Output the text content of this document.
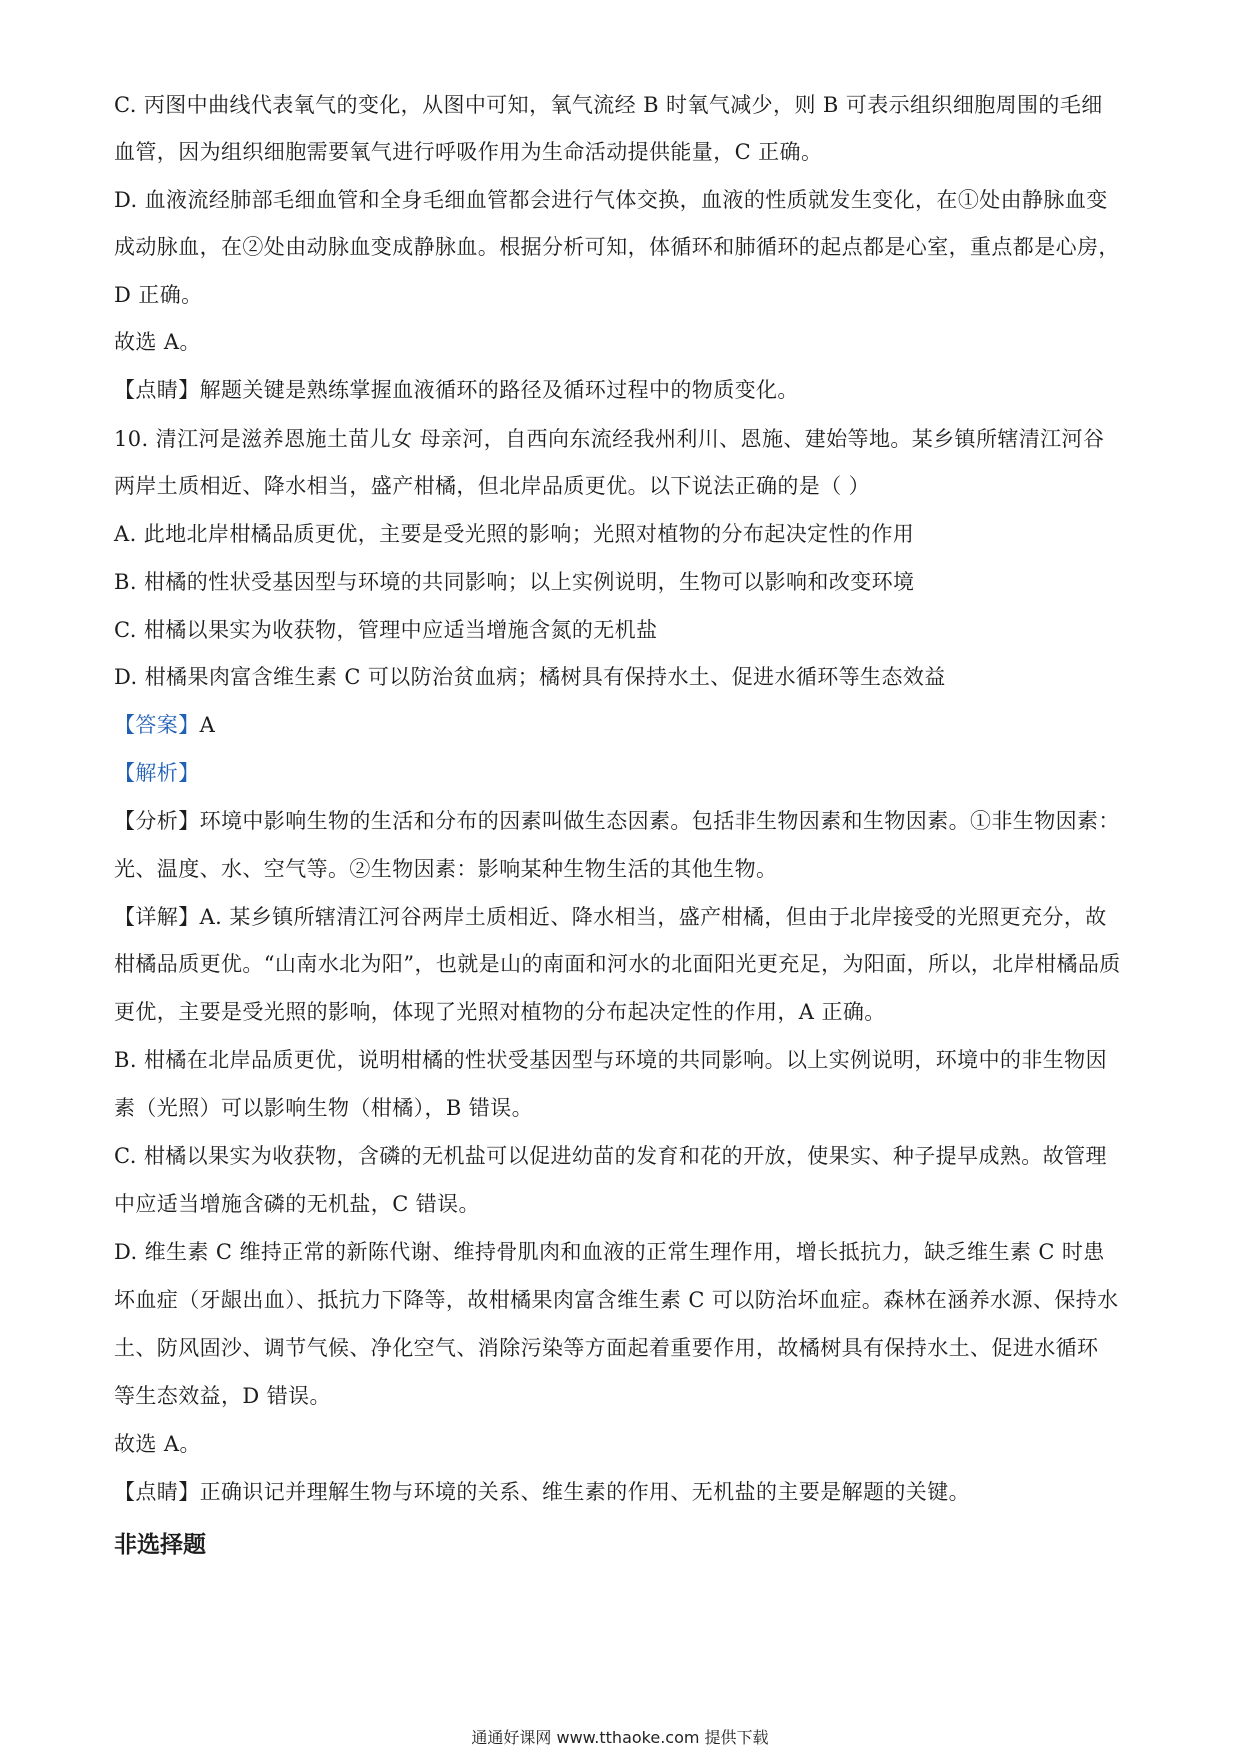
C. 丙图中曲线代表氧气的变化，从图中可知，氧气流经 B 时氧气减少，则 B 可表示组织细胞周围的毛细
血管，因为组织细胞需要氧气进行呼吸作用为生命活动提供能量，C 正确。
D. 血液流经肺部毛细血管和全身毛细血管都会进行气体交换，血液的性质就发生变化，在①处由静脉血变
成动脉血，在②处由动脉血变成静脉血。根据分析可知，体循环和肺循环的起点都是心室，重点都是心房，
D 正确。
故选 A。
【点睛】解题关键是熟练掌握血液循环的路径及循环过程中的物质变化。
10. 清江河是滋养恩施土苗儿女 母亲河，自西向东流经我州利川、恩施、建始等地。某乡镇所辖清江河谷
两岸土质相近、降水相当，盛产柑橘，但北岸品质更优。以下说法正确的是（ ）
A. 此地北岸柑橘品质更优，主要是受光照的影响；光照对植物的分布起决定性的作用
B. 柑橘的性状受基因型与环境的共同影响；以上实例说明，生物可以影响和改变环境
C. 柑橘以果实为收获物，管理中应适当增施含氮的无机盐
D. 柑橘果肉富含维生素 C 可以防治贫血病；橘树具有保持水土、促进水循环等生态效益
【答案】A
【解析】
【分析】环境中影响生物的生活和分布的因素叫做生态因素。包括非生物因素和生物因素。①非生物因素：
光、温度、水、空气等。②生物因素：影响某种生物生活的其他生物。
【详解】A. 某乡镇所辖清江河谷两岸土质相近、降水相当，盛产柑橘，但由于北岸接受的光照更充分，故
柑橘品质更优。“山南水北为阳”，也就是山的南面和河水的北面阳光更充足，为阳面，所以，北岸柑橘品质
更优，主要是受光照的影响，体现了光照对植物的分布起决定性的作用，A 正确。
B. 柑橘在北岸品质更优，说明柑橘的性状受基因型与环境的共同影响。以上实例说明，环境中的非生物因
素（光照）可以影响生物（柑橘），B 错误。
C. 柑橘以果实为收获物，含磷的无机盐可以促进幼苗的发育和花的开放，使果实、种子提早成熟。故管理
中应适当增施含磷的无机盐，C 错误。
D. 维生素 C 维持正常的新陈代谢、维持骨肌肉和血液的正常生理作用，增长抵抗力，缺乏维生素 C 时患
坏血症（牙龈出血）、抵抗力下降等，故柑橘果肉富含维生素 C 可以防治坏血症。森林在涵养水源、保持水
土、防风固沙、调节气候、净化空气、消除污染等方面起着重要作用，故橘树具有保持水土、促进水循环
等生态效益，D 错误。
故选 A。
【点睛】正确识记并理解生物与环境的关系、维生素的作用、无机盐的主要是解题的关键。
非选择题
通通好课网 www.tthaoke.com 提供下载
